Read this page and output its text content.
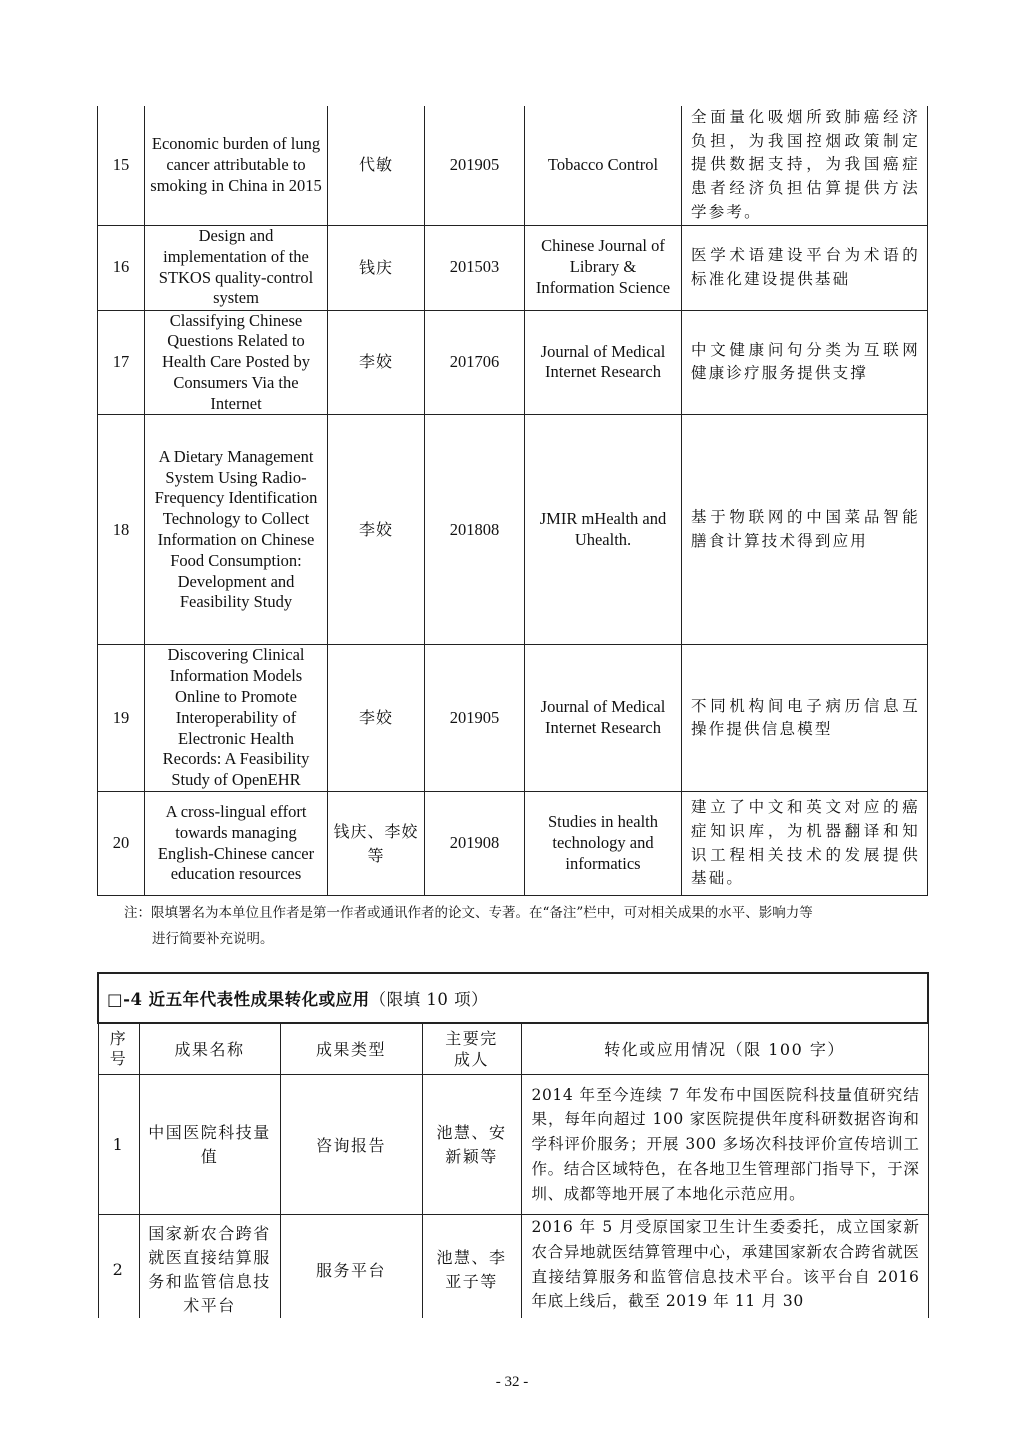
15	Economic burden of lung cancer attributable to smoking in China in 2015	代敏	201905	Tobacco Control	全面量化吸烟所致肺癌经济负担，为我国控烟政策制定提供数据支持，为我国癌症患者经济负担估算提供方法学参考。
16	Design and implementation of the STKOS quality-control system	钱庆	201503	Chinese Journal of Library & Information Science	医学术语建设平台为术语的标准化建设提供基础
17	Classifying Chinese Questions Related to Health Care Posted by Consumers Via the Internet	李姣	201706	Journal of Medical Internet Research	中文健康问句分类为互联网健康诊疗服务提供支撑
18	A Dietary Management System Using Radio-Frequency Identification Technology to Collect Information on Chinese Food Consumption: Development and Feasibility Study	李姣	201808	JMIR mHealth and Uhealth.	基于物联网的中国菜品智能膳食计算技术得到应用
19	Discovering Clinical Information Models Online to Promote Interoperability of Electronic Health Records: A Feasibility Study of OpenEHR	李姣	201905	Journal of Medical Internet Research	不同机构间电子病历信息互操作提供信息模型
20	A cross-lingual effort towards managing English-Chinese cancer education resources	钱庆、李姣等	201908	Studies in health technology and informatics	建立了中文和英文对应的癌症知识库，为机器翻译和知识工程相关技术的发展提供基础。
注：限填署名为本单位且作者是第一作者或通讯作者的论文、专著。在“备注”栏中，可对相关成果的水平、影响力等
进行简要补充说明。
□-4 近五年代表性成果转化或应用（限填 10 项）				
序号	成果名称	成果类型	主要完成人	转化或应用情况（限 100 字）
1	中国医院科技量值	咨询报告	池慧、安新颖等	2014 年至今连续 7 年发布中国医院科技量值研究结果，每年向超过 100 家医院提供年度科研数据咨询和学科评价服务；开展 300 多场次科技评价宣传培训工作。结合区域特色，在各地卫生管理部门指导下，于深圳、成都等地开展了本地化示范应用。
2	国家新农合跨省就医直接结算服务和监管信息技术平台	服务平台	池慧、李亚子等	2016 年 5 月受原国家卫生计生委委托，成立国家新农合异地就医结算管理中心，承建国家新农合跨省就医直接结算服务和监管信息技术平台。该平台自 2016 年底上线后，截至 2019 年 11 月 30
- 32 -
